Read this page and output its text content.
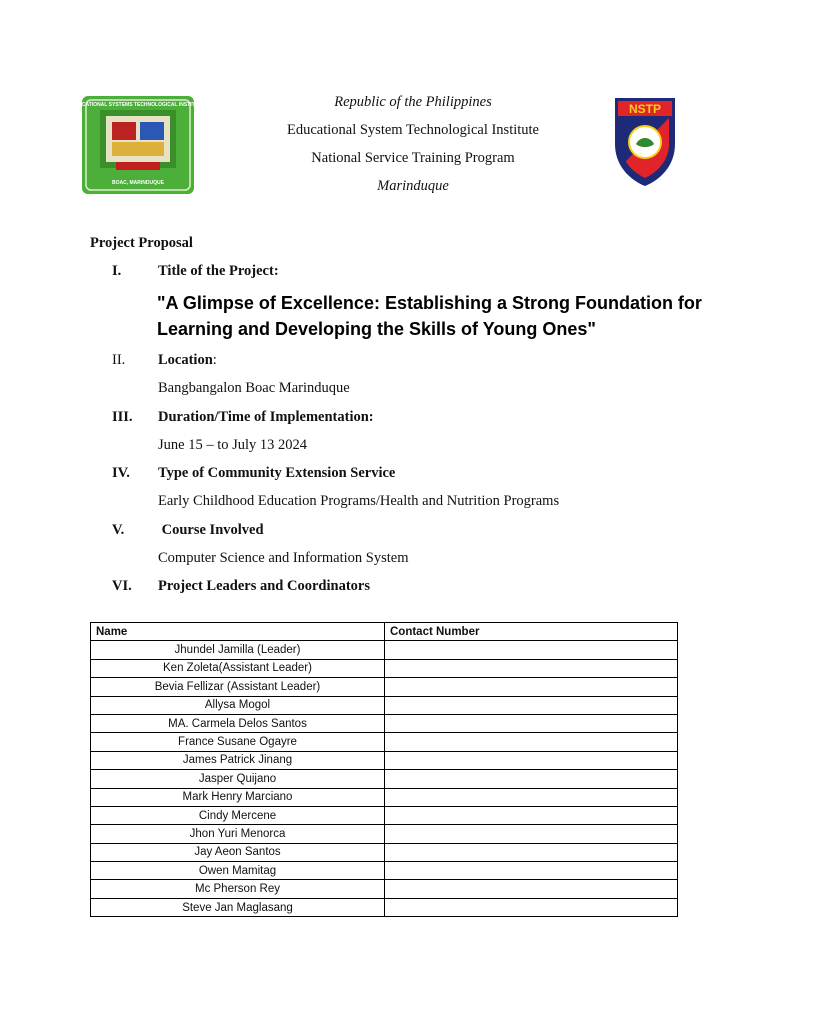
BOAC, MARINDUQUE
EDUCATIONAL SYSTEMS TECHNOLOGICAL INSTITUTE	NSTP
Republic of the Philippines
Educational System Technological Institute
National Service Training Program
Marinduque
Project Proposal
I.	Title of the Project:
"A Glimpse of Excellence: Establishing a Strong Foundation for
Learning and Developing the Skills of Young Ones"
II. Location:
Bangbangalon Boac Marinduque
III. Duration/Time of Implementation:
June 15 – to July 13 2024
IV. Type of Community Extension Service
Early Childhood Education Programs/Health and Nutrition Programs
V. Course Involved
Computer Science and Information System
VI. Project Leaders and Coordinators
Name	Contact Number
Jhundel Jamilla (Leader)	
Ken Zoleta(Assistant Leader)	
Bevia Fellizar (Assistant Leader)	
Allysa Mogol	
MA. Carmela Delos Santos	
France Susane Ogayre	
James Patrick Jinang	
Jasper Quijano	
Mark Henry Marciano	
Cindy Mercene	
Jhon Yuri Menorca	
Jay Aeon Santos	
Owen Mamitag	
Mc Pherson Rey	
Steve Jan Maglasang	
